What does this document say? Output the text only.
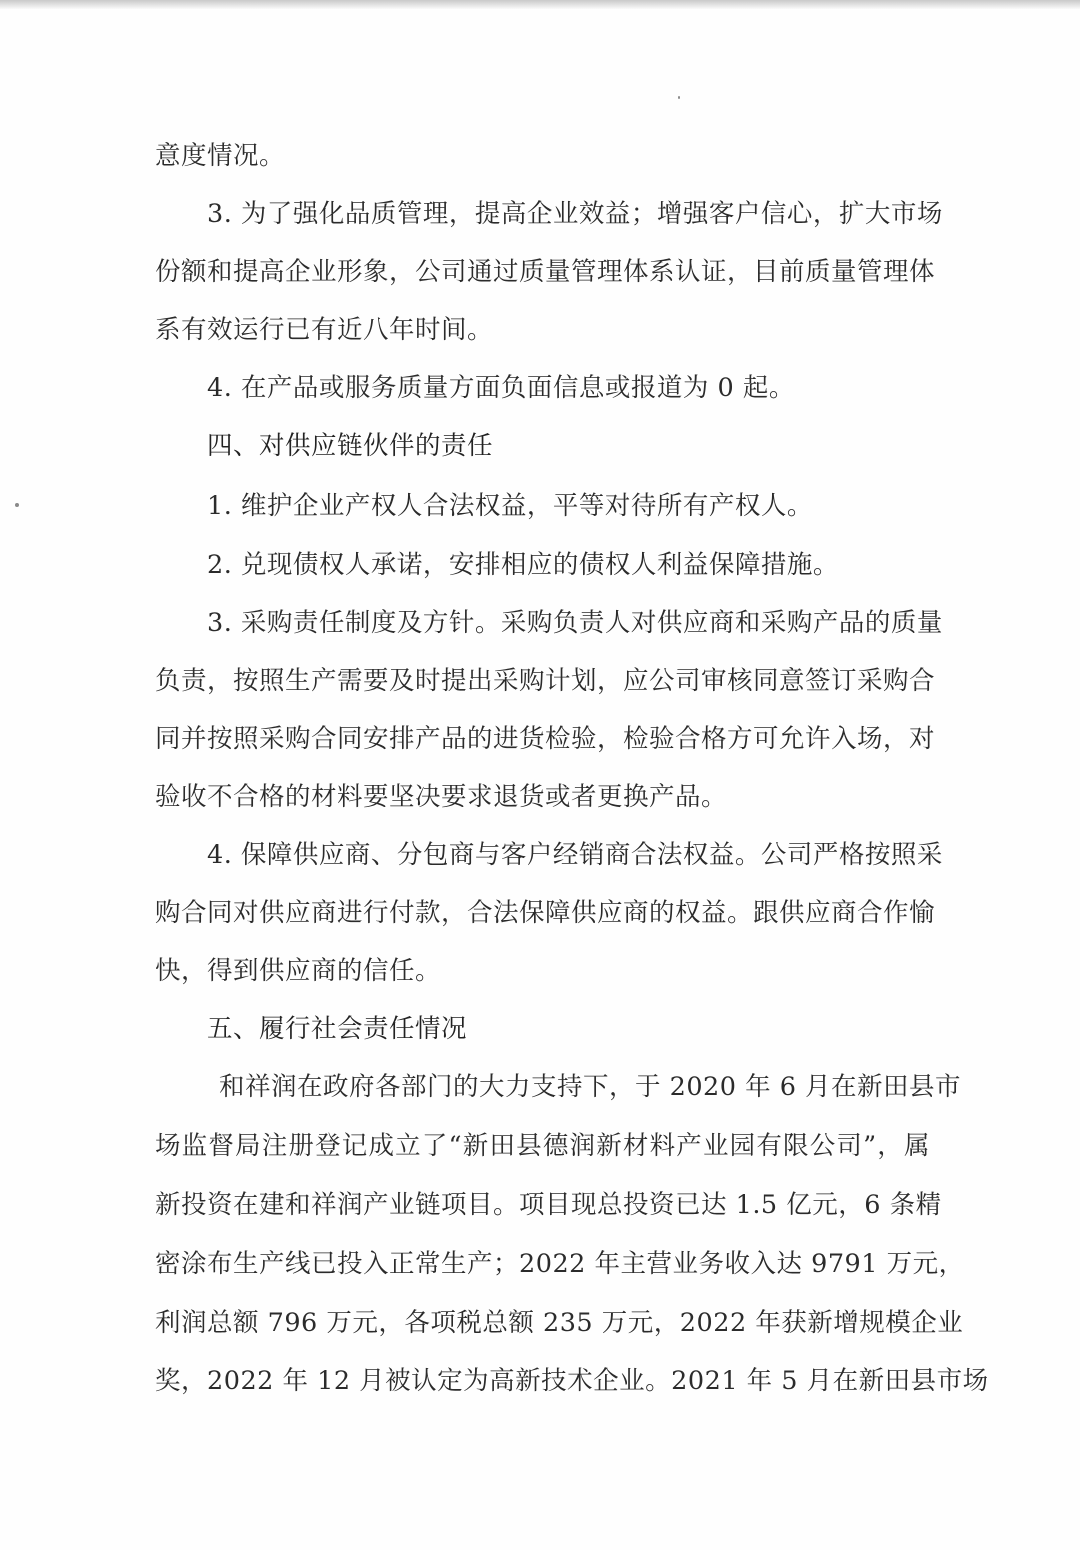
意度情况。
3. 为了强化品质管理，提高企业效益；增强客户信心，扩大市场
份额和提高企业形象，公司通过质量管理体系认证，目前质量管理体
系有效运行已有近八年时间。
4. 在产品或服务质量方面负面信息或报道为 0 起。
四、对供应链伙伴的责任
1. 维护企业产权人合法权益，平等对待所有产权人。
2. 兑现债权人承诺，安排相应的债权人利益保障措施。
3. 采购责任制度及方针。采购负责人对供应商和采购产品的质量
负责，按照生产需要及时提出采购计划，应公司审核同意签订采购合
同并按照采购合同安排产品的进货检验，检验合格方可允许入场，对
验收不合格的材料要坚决要求退货或者更换产品。
4. 保障供应商、分包商与客户经销商合法权益。公司严格按照采
购合同对供应商进行付款，合法保障供应商的权益。跟供应商合作愉
快，得到供应商的信任。
五、履行社会责任情况
和祥润在政府各部门的大力支持下，于 2020 年 6 月在新田县市
场监督局注册登记成立了“新田县德润新材料产业园有限公司”，属
新投资在建和祥润产业链项目。项目现总投资已达 1.5 亿元，6 条精
密涂布生产线已投入正常生产；2022 年主营业务收入达 9791 万元，
利润总额 796 万元，各项税总额 235 万元，2022 年获新增规模企业
奖，2022 年 12 月被认定为高新技术企业。2021 年 5 月在新田县市场
